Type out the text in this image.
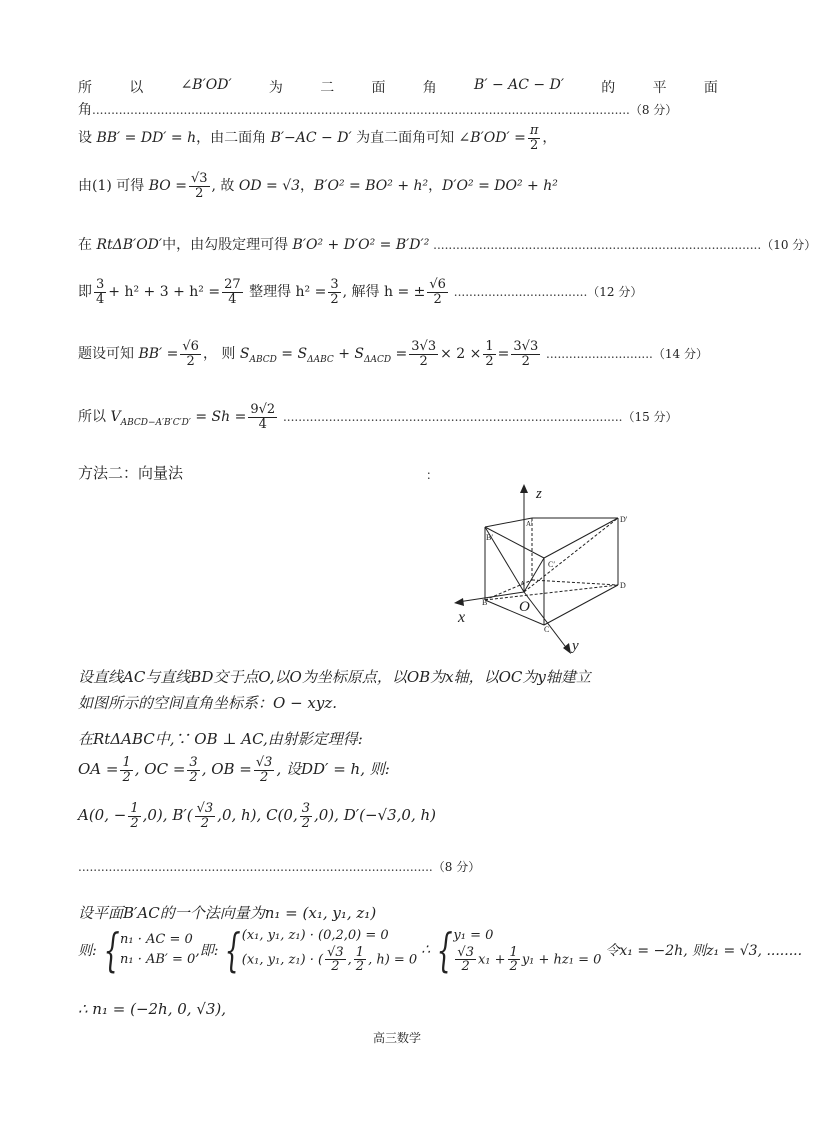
所	以	∠B′OD′	为	二	面	角	B′ − AC − D′	的	平	面
角.............................................................................................................................................（8 分）
设 BB′ = DD′ = h，由二面角 B′−AC − D′ 为直二面角可知 ∠B′OD′ = $\frac{\pi}{2}$ ，
由(1) 可得 BO = $\frac{√3}{2}$ , 故 OD = √3，B′O² = BO² + h²，D′O² = DO² + h²
在 RtΔB′OD′中，由勾股定理可得 B′O² + D′O² = B′D′² ......................................................................................（10 分）
即 $\frac{3}{4} + h^2 + 3 + h^2 = \frac{27}{4}$ 整理得 $h^2 = \frac{3}{2}$ , 解得 h = ± $\frac{√6}{2} ...................................(12$ 分）
题设可知 $BB' = \frac{√6}{2}$ ， 则 $S_{ABCD} = S_{\Delta ABC} + S_{\Delta ACD} = \frac{3√3}{2} \times 2 \times \frac{1}{2} = \frac{3√3}{2} ............................(14$ 分）
所以 $V_{ABCD-A'B'C'D'} = Sh = \frac{9√2}{4} .........................................................................................(15$ 分）
方法二：向量法	：
z
x
y
O
D′
A′
B′
C′
D
A
B
C
设直线AC与直线BD交于点O,以O为坐标原点，以OB为x轴，以OC为y轴建立
如图所示的空间直角坐标系：O − xyz.
在RtΔABC中,∵ OB ⊥ AC,由射影定理得:
OA = $\frac{1}{2}$ , OC = $\frac{3}{2}$ , OB = $\frac{√3}{2}$ , 设DD′ = h, 则:
A(0, − $\frac{1}{2} ,0$), $B'( \frac{√3}{2} ,0$, h), C(0, $\frac{3}{2} ,0$), D′(−√3,0, h)
.............................................................................................（8 分）
设平面B′AC的一个法向量为n₁ = (x₁, y₁, z₁)
则: { n₁ · AC = 0
n₁ · AB′ = 0
,即: { (x₁, y₁, z₁) · (0,2,0) = 0
(x₁, y₁, z₁) · ( $\frac{√3}{2}$ , $\frac{1}{2}$ , h) = 0
∴ { y₁ = 0
$\frac{√3}{2} x_1 + \frac{1}{2} y_1 + hz_1 = 0$
令x₁ = −2h, 则z₁ = √3, ........
∴ n₁ = (−2h, 0, √3),
高三数学
